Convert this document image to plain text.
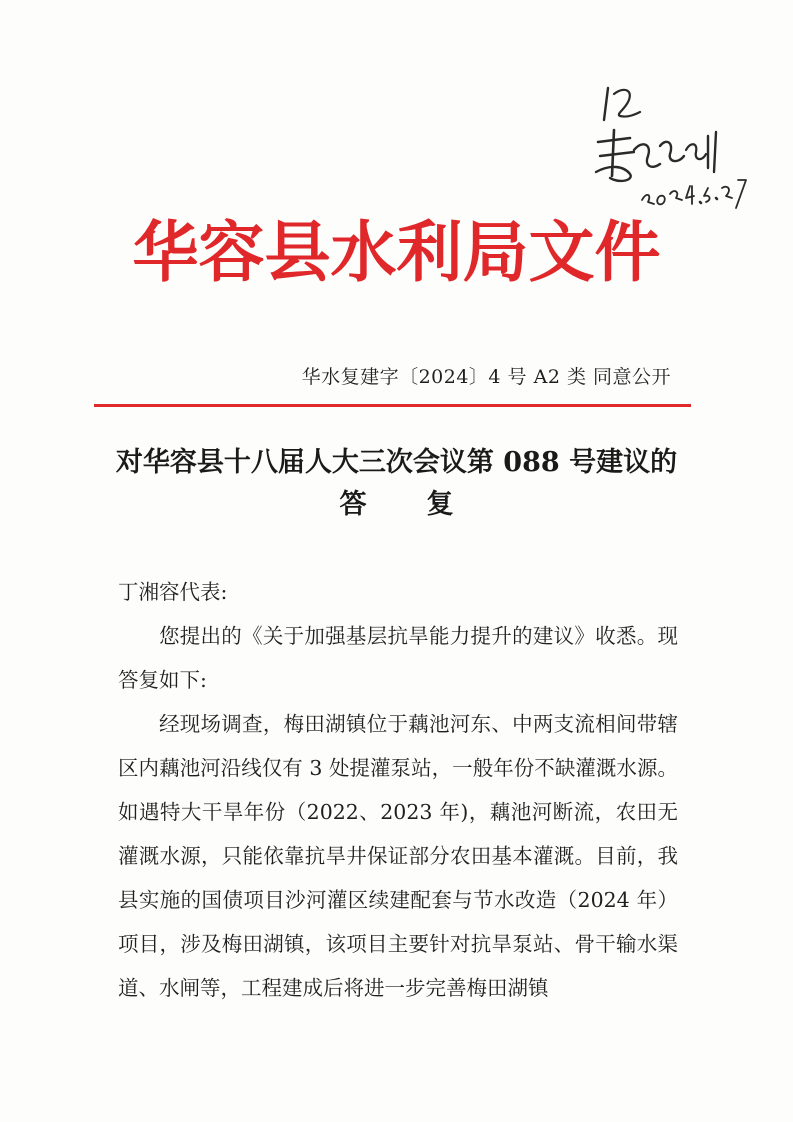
华容县水利局文件
华水复建字〔2024〕4 号 A2 类 同意公开
对华容县十八届人大三次会议第 088 号建议的
答复

丁湘容代表:

您提出的《关于加强基层抗旱能力提升的建议》收悉。现答复如下:

经现场调查，梅田湖镇位于藕池河东、中两支流相间带辖区内藕池河沿线仅有 3 处提灌泵站，一般年份不缺灌溉水源。如遇特大干旱年份（2022、2023 年)，藕池河断流，农田无灌溉水源，只能依靠抗旱井保证部分农田基本灌溉。目前，我县实施的国债项目沙河灌区续建配套与节水改造（2024 年）项目，涉及梅田湖镇，该项目主要针对抗旱泵站、骨干输水渠道、水闸等，工程建成后将进一步完善梅田湖镇
